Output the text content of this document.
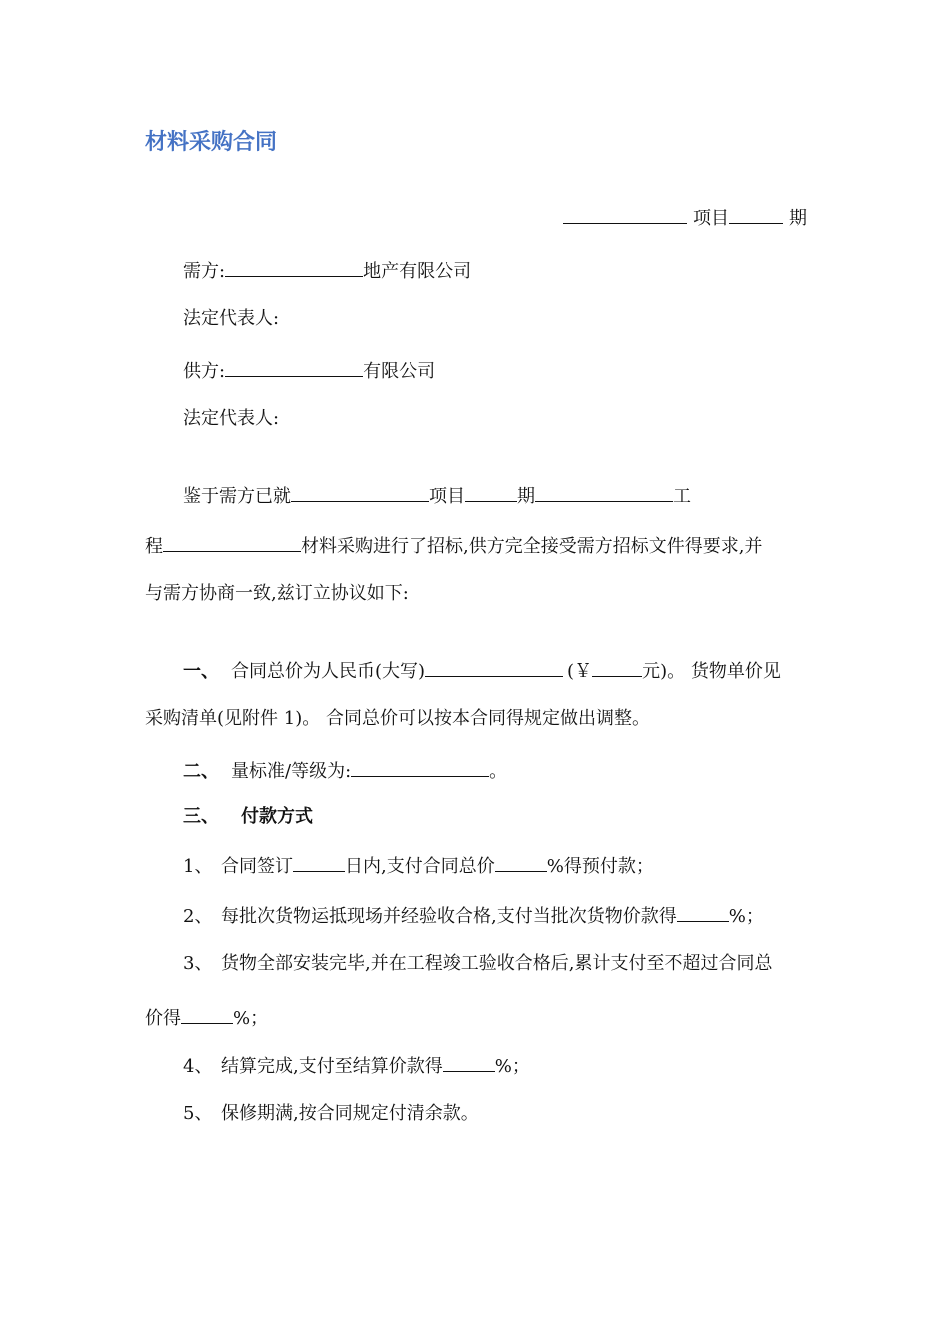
材料采购合同
项目	期
需方:	地产有限公司
法定代表人:
供方:	有限公司
法定代表人:
鉴于需方已就	项目	期	工
程	材料采购进行了招标,供方完全接受需方招标文件得要求,并
与需方协商一致,兹订立协议如下:
一、 合同总价为人民币(大写)	(￥	元)。 货物单价见
采购清单(见附件 1)。 合同总价可以按本合同得规定做出调整。
二、 量标准/等级为:	。
三、 付款方式
1、 合同签订	日内,支付合同总价	%得预付款；
2、 每批次货物运抵现场并经验收合格,支付当批次货物价款得	%；
3、 货物全部安装完毕,并在工程竣工验收合格后,累计支付至不超过合同总
价得	%；
4、 结算完成,支付至结算价款得	%；
5、 保修期满,按合同规定付清余款。
